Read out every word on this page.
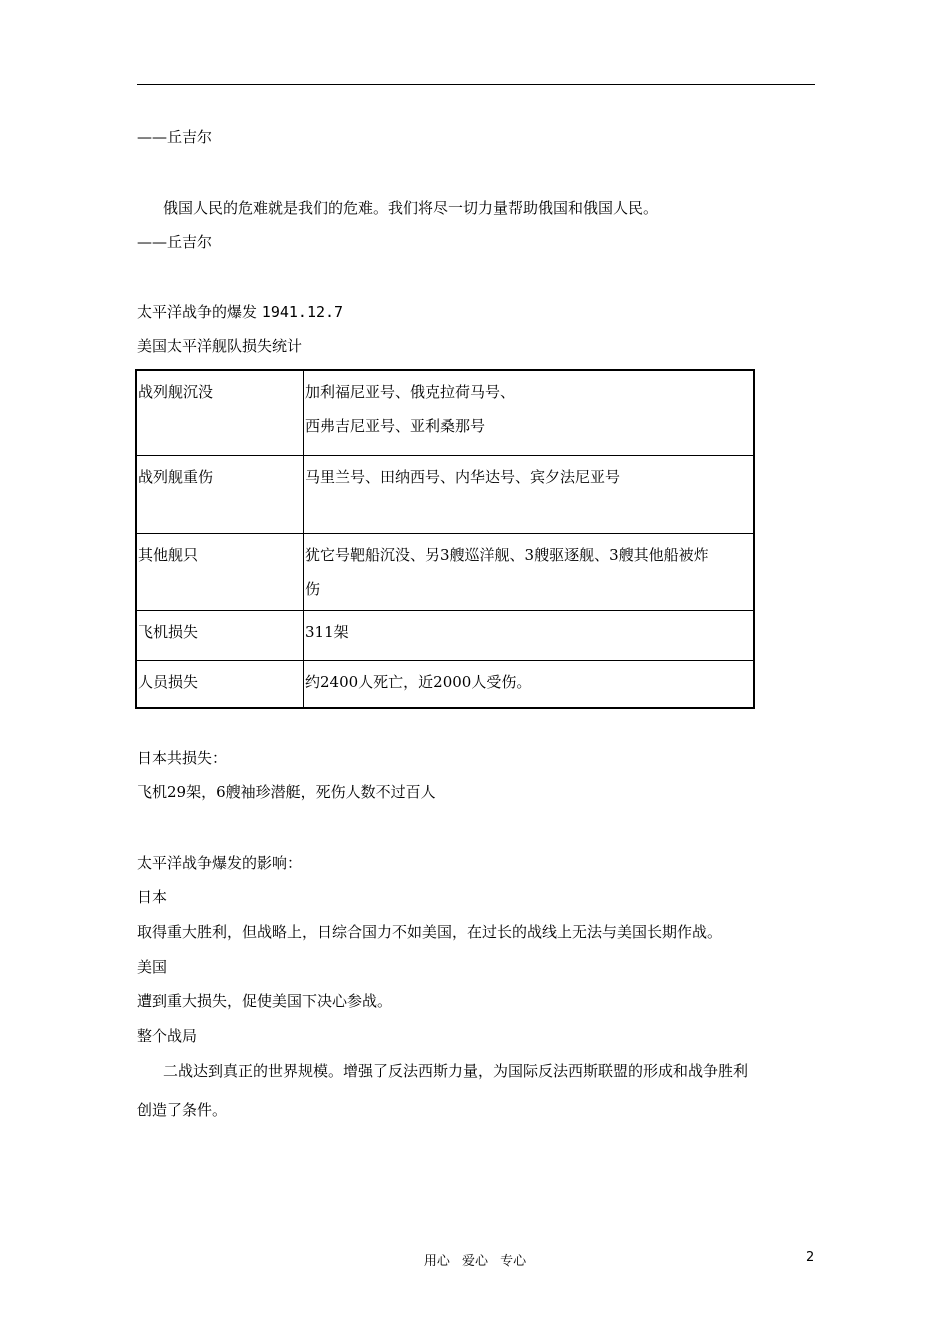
——丘吉尔
俄国人民的危难就是我们的危难。我们将尽一切力量帮助俄国和俄国人民。
——丘吉尔
太平洋战争的爆发 1941.12.7
美国太平洋舰队损失统计
战列舰沉没	加利福尼亚号、俄克拉荷马号、
西弗吉尼亚号、亚利桑那号

战列舰重伤	马里兰号、田纳西号、内华达号、宾夕法尼亚号

其他舰只	犹它号靶船沉没、另3艘巡洋舰、3艘驱逐舰、3艘其他船被炸
伤

飞机损失	311架

人员损失	约2400人死亡，近2000人受伤。
日本共损失：
飞机29架，6艘袖珍潜艇，死伤人数不过百人
太平洋战争爆发的影响：
日本
取得重大胜利，但战略上，日综合国力不如美国，在过长的战线上无法与美国长期作战。
美国
遭到重大损失，促使美国下决心参战。
整个战局
二战达到真正的世界规模。增强了反法西斯力量，为国际反法西斯联盟的形成和战争胜利
创造了条件。
用心 爱心 专心	2
